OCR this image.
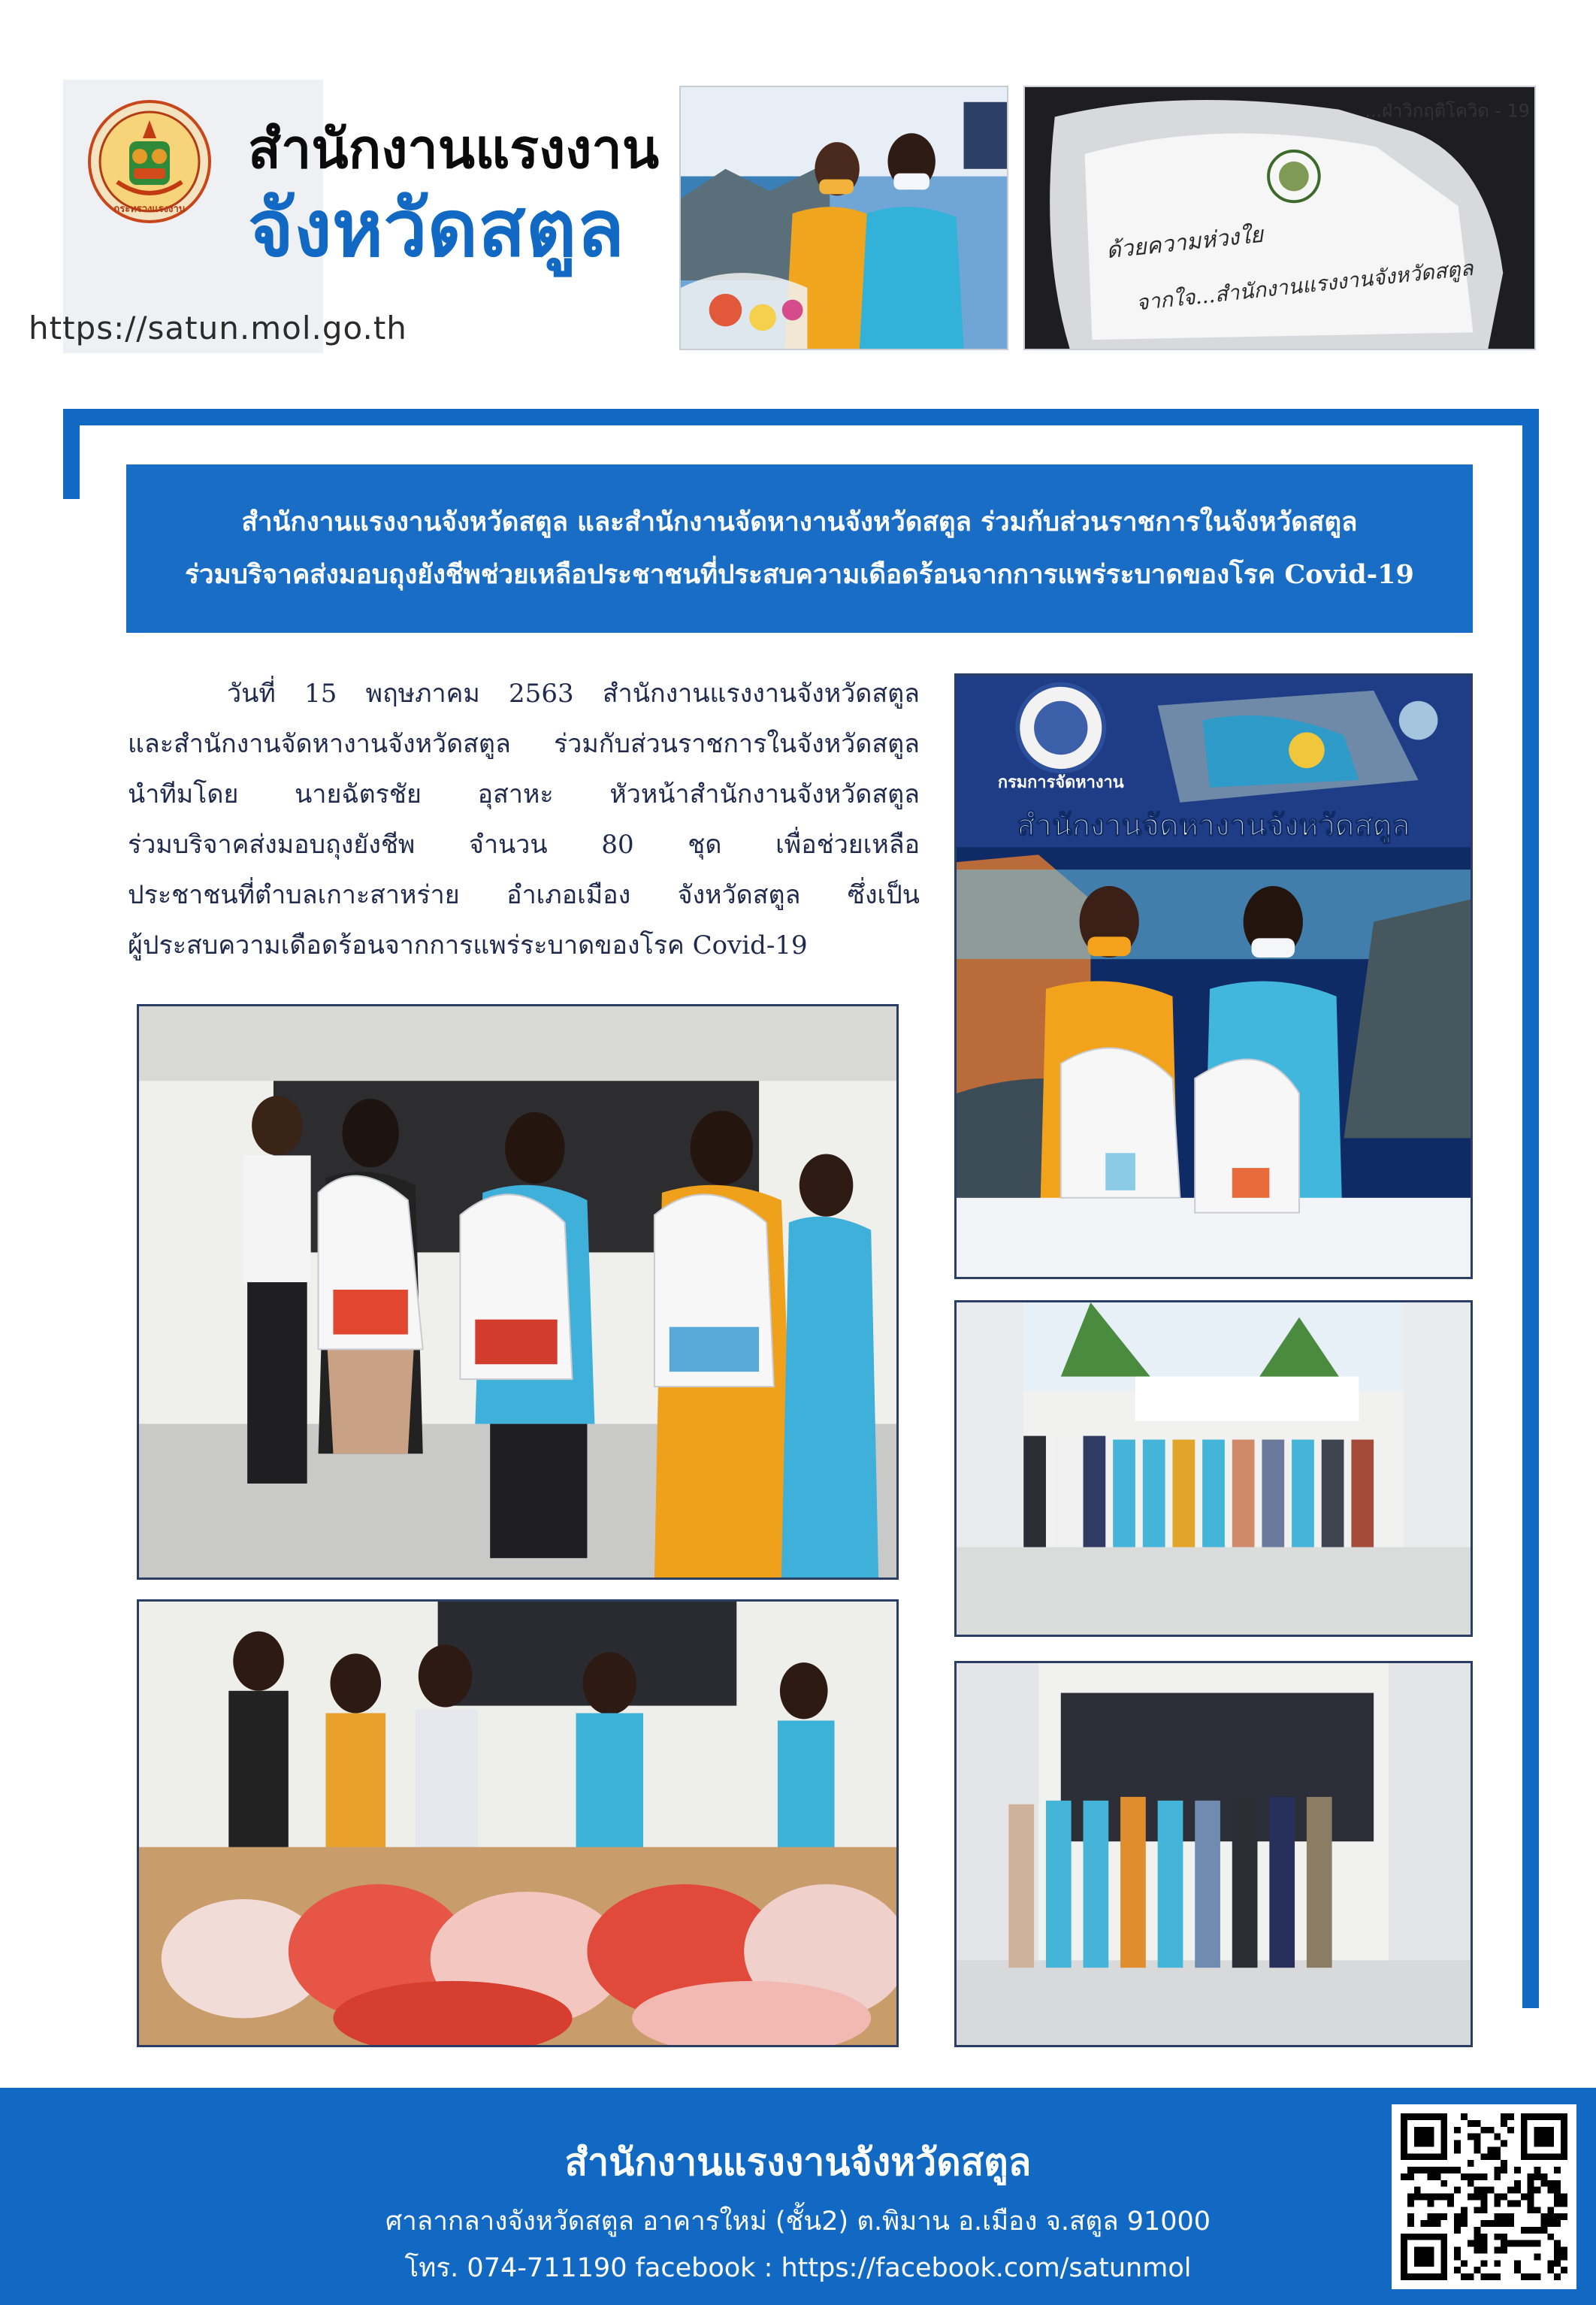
กระทรวงแรงงาน
สำนักงานแรงงาน
จังหวัดสตูล
https://satun.mol.go.th
...ฝ่าวิกฤติโควิด - 19
ด้วยความห่วงใย
จากใจ...สำนักงานแรงงานจังหวัดสตูล

สำนักงานแรงงานจังหวัดสตูล และสำนักงานจัดหางานจังหวัดสตูล ร่วมกับส่วนราชการในจังหวัดสตูล

ร่วมบริจาคส่งมอบถุงยังชีพช่วยเหลือประชาชนที่ประสบความเดือดร้อนจากการแพร่ระบาดของโรค Covid-19

วันที่ 15 พฤษภาคม 2563 สำนักงานแรงงานจังหวัดสตูล
และสำนักงานจัดหางานจังหวัดสตูล ร่วมกับส่วนราชการในจังหวัดสตูล
นำทีมโดย นายฉัตรชัย อุสาหะ หัวหน้าสำนักงานจังหวัดสตูล
ร่วมบริจาคส่งมอบถุงยังชีพ จำนวน 80 ชุด เพื่อช่วยเหลือ
ประชาชนที่ตำบลเกาะสาหร่าย อำเภอเมือง จังหวัดสตูล ซึ่งเป็น
ผู้ประสบความเดือดร้อนจากการแพร่ระบาดของโรค Covid-19
กรมการจัดหางาน
สำนักงานจัดหางานจังหวัดสตูล
สำนักงานแรงงานจังหวัดสตูล
ศาลากลางจังหวัดสตูล อาคารใหม่ (ชั้น2) ต.พิมาน อ.เมือง จ.สตูล 91000
โทร. 074-711190 facebook : https://facebook.com/satunmol
